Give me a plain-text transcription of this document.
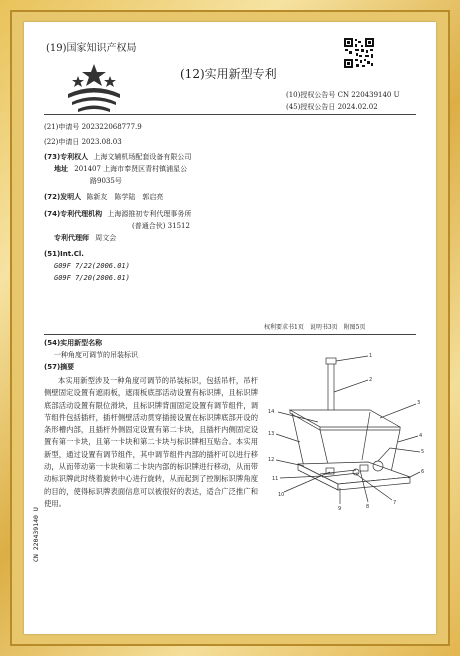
(19)国家知识产权局
(12)实用新型专利
(10)授权公告号 CN 220439140 U
(45)授权公告日 2024.02.02
(21)申请号 202322068777.9
(22)申请日 2023.08.03
(73)专利权人 上海文辅机场配套设备有限公司
地址 201407 上海市奉贤区青村镇浦星公
路9035号
(72)发明人 陈新友　陈学陆　郭启亮
(74)专利代理机构 上海源推初专利代理事务所
(普通合伙) 31512
专利代理师 周文会
(51)Int.Cl.
G09F 7/22(2006.01)
G09F 7/20(2006.01)
权利要求书1页　说明书3页　附图5页
(54)实用新型名称
一种角度可调节的吊装标识
(57)摘要
本实用新型涉及一种角度可调节的吊装标识，包括吊杆，吊杆侧壁固定设置有遮雨板，遮雨板底部活动设置有标识牌，且标识牌底部活动设置有限位滑块，且标识牌背面固定设置有调节组件，调节组件包括插杆，插杆侧壁活动贯穿插接设置在标识牌底部开设的条形槽内部，且插杆外侧固定设置有第二卡块，且插杆内侧固定设置有第一卡块，且第一卡块和第二卡块与标识牌相互贴合。本实用新型，通过设置有调节组件，其中调节组件内部的插杆可以进行移动，从而带动第一卡块和第二卡块内部的标识牌进行移动，从而带动标识牌此时绕着旋转中心进行旋转，从而起到了控制标识牌角度的目的，使得标识牌表面信息可以被很好的表达，适合广泛推广和使用。
1
2
3
4
5
6
7
8
9
10
11
12
13
14
CN 220439140 U
